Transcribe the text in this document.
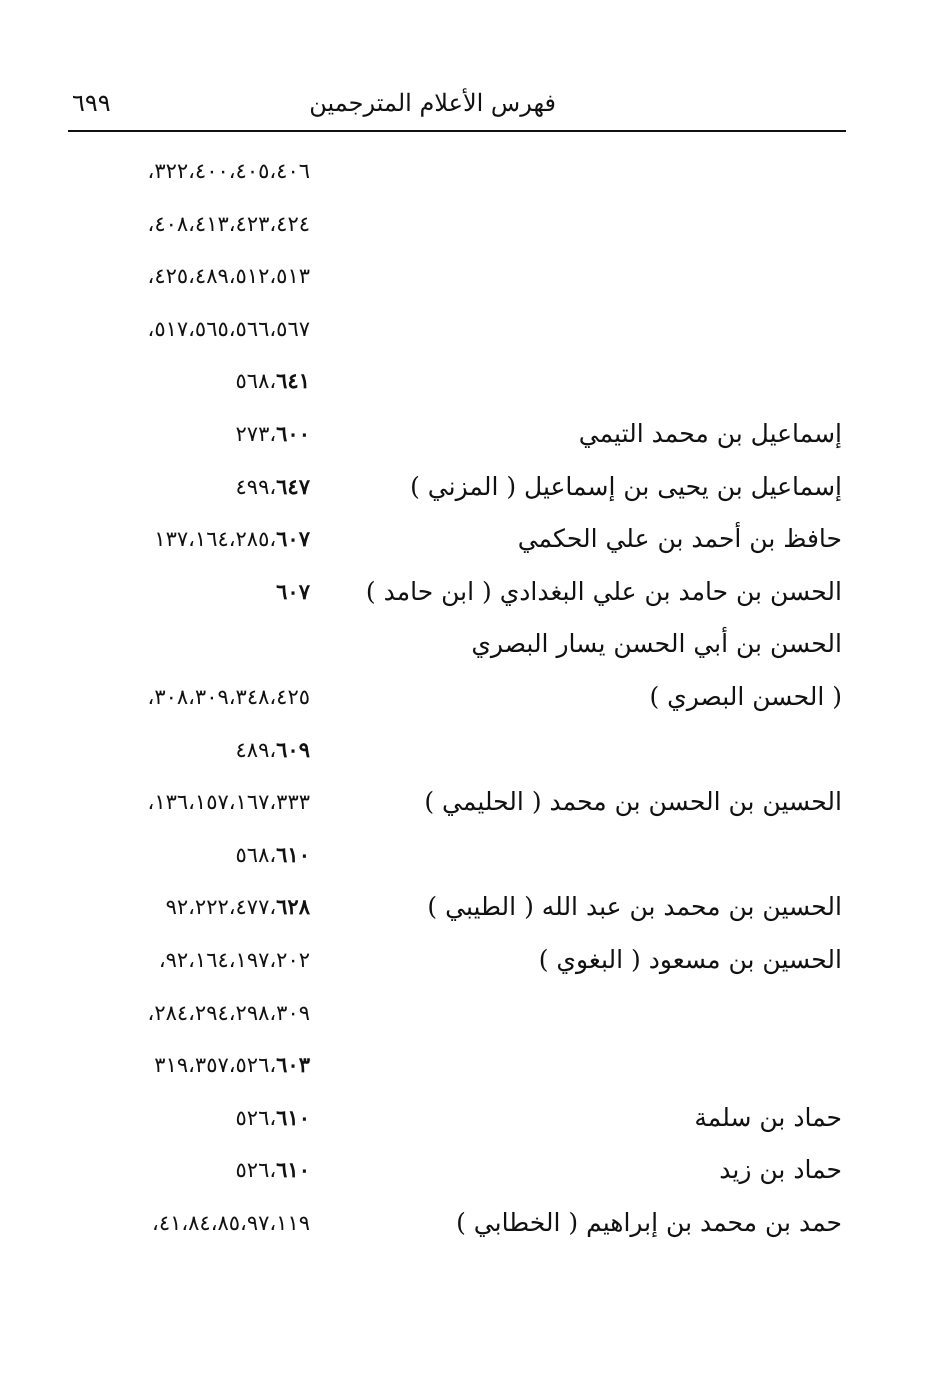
٦٩٩	فهرس الأعلام المترجمين
٣٢٢،٤٠٠،٤٠٥،٤٠٦،
٤٠٨،٤١٣،٤٢٣،٤٢٤،
٤٢٥،٤٨٩،٥١٢،٥١٣،
٥١٧،٥٦٥،٥٦٦،٥٦٧،
٥٦٨،٦٤١
إسماعيل بن محمد التيمي
٢٧٣،٦٠٠
إسماعيل بن يحيى بن إسماعيل ( المزني )
٤٩٩،٦٤٧
حافظ بن أحمد بن علي الحكمي
١٣٧،١٦٤،٢٨٥،٦٠٧
الحسن بن حامد بن علي البغدادي ( ابن حامد )
٦٠٧
الحسن بن أبي الحسن يسار البصري
( الحسن البصري )
٣٠٨،٣٠٩،٣٤٨،٤٢٥،
٤٨٩،٦٠٩
الحسين بن الحسن بن محمد ( الحليمي )
١٣٦،١٥٧،١٦٧،٣٣٣،
٥٦٨،٦١٠
الحسين بن محمد بن عبد الله ( الطيبي )
٩٢،٢٢٢،٤٧٧،٦٢٨
الحسين بن مسعود ( البغوي )
٩٢،١٦٤،١٩٧،٢٠٢،
٢٨٤،٢٩٤،٢٩٨،٣٠٩،
٣١٩،٣٥٧،٥٢٦،٦٠٣
حماد بن سلمة
٥٢٦،٦١٠
حماد بن زيد
٥٢٦،٦١٠
حمد بن محمد بن إبراهيم ( الخطابي )
٤١،٨٤،٨٥،٩٧،١١٩،
